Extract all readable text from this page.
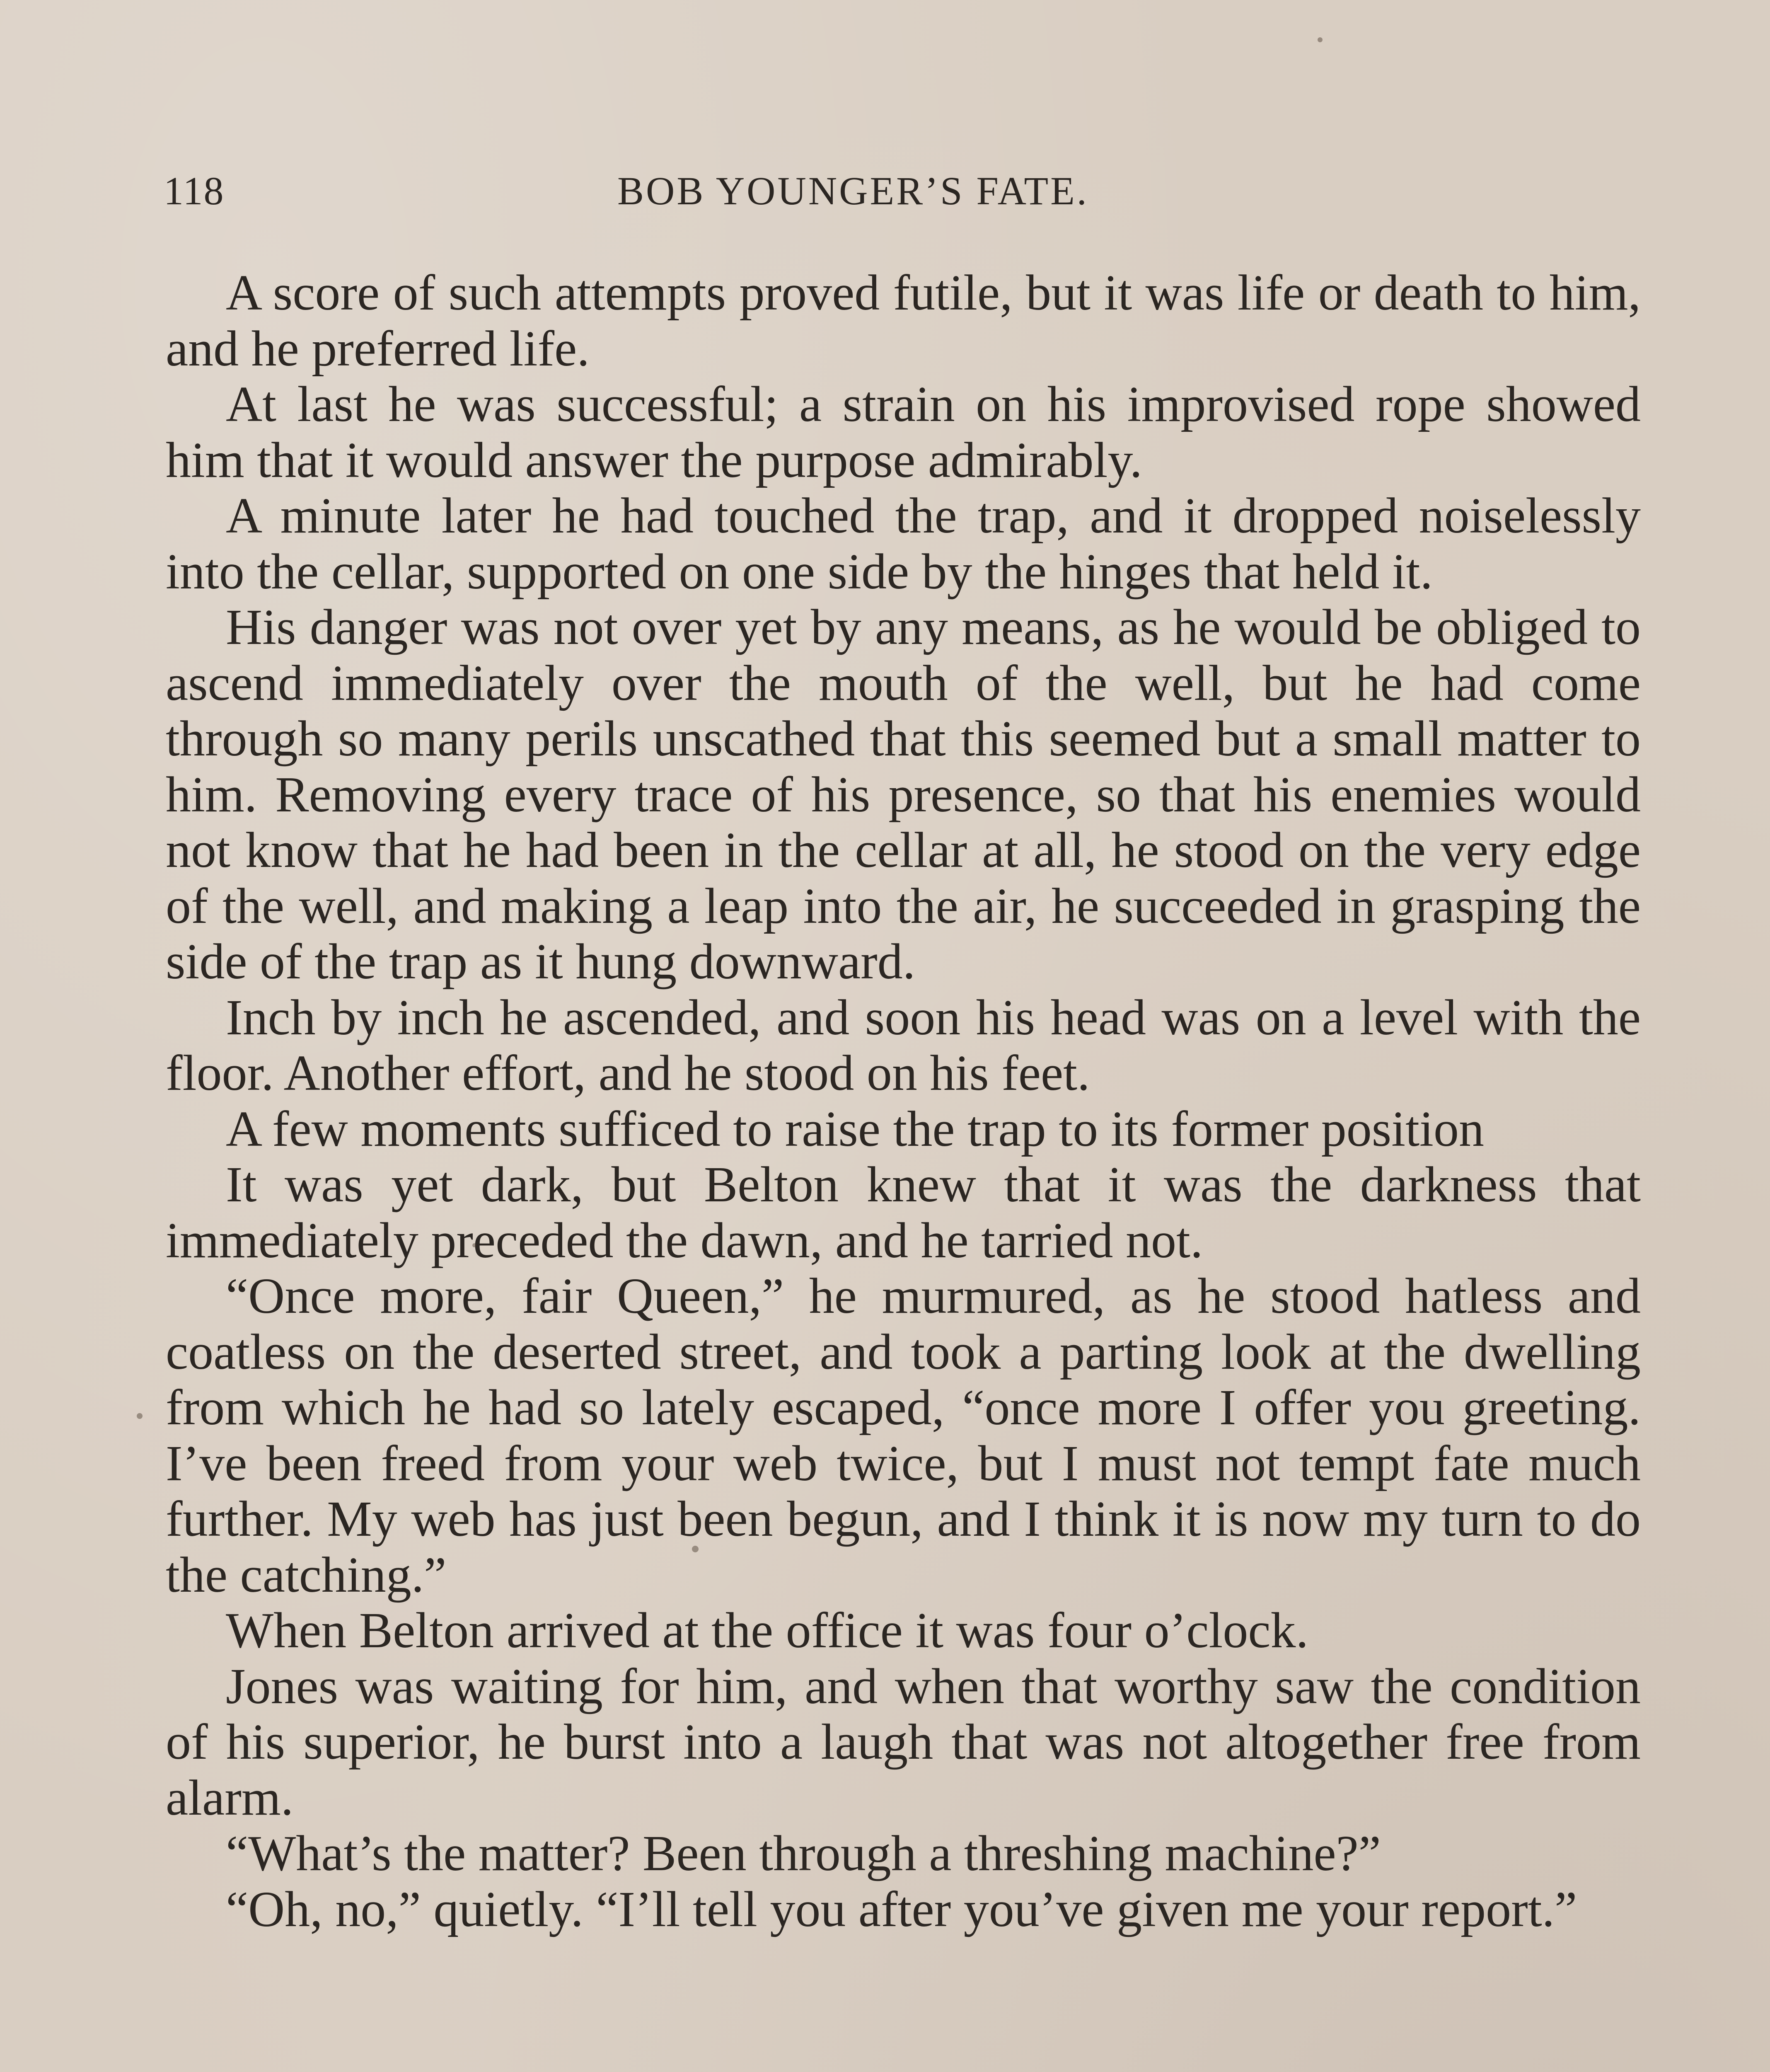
118	BOB YOUNGER’S FATE.

A score of such attempts proved futile, but it was life or death to him, and he preferred life.

At last he was successful; a strain on his improvised rope showed him that it would answer the purpose admirably.

A minute later he had touched the trap, and it dropped noiselessly into the cellar, supported on one side by the hinges that held it.

His danger was not over yet by any means, as he would be obliged to ascend immediately over the mouth of the well, but he had come through so many perils unscathed that this seemed but a small matter to him. Removing every trace of his presence, so that his enemies would not know that he had been in the cellar at all, he stood on the very edge of the well, and making a leap into the air, he succeeded in grasping the side of the trap as it hung downward.

Inch by inch he ascended, and soon his head was on a level with the floor. Another effort, and he stood on his feet.

A few moments sufficed to raise the trap to its former position

It was yet dark, but Belton knew that it was the darkness that immediately preceded the dawn, and he tarried not.

“Once more, fair Queen,” he murmured, as he stood hatless and coatless on the deserted street, and took a parting look at the dwelling from which he had so lately escaped, “once more I offer you greeting. I’ve been freed from your web twice, but I must not tempt fate much further. My web has just been begun, and I think it is now my turn to do the catching.”

When Belton arrived at the office it was four o’clock.

Jones was waiting for him, and when that worthy saw the condition of his superior, he burst into a laugh that was not altogether free from alarm.

“What’s the matter? Been through a threshing machine?”

“Oh, no,” quietly. “I’ll tell you after you’ve given me your report.”
